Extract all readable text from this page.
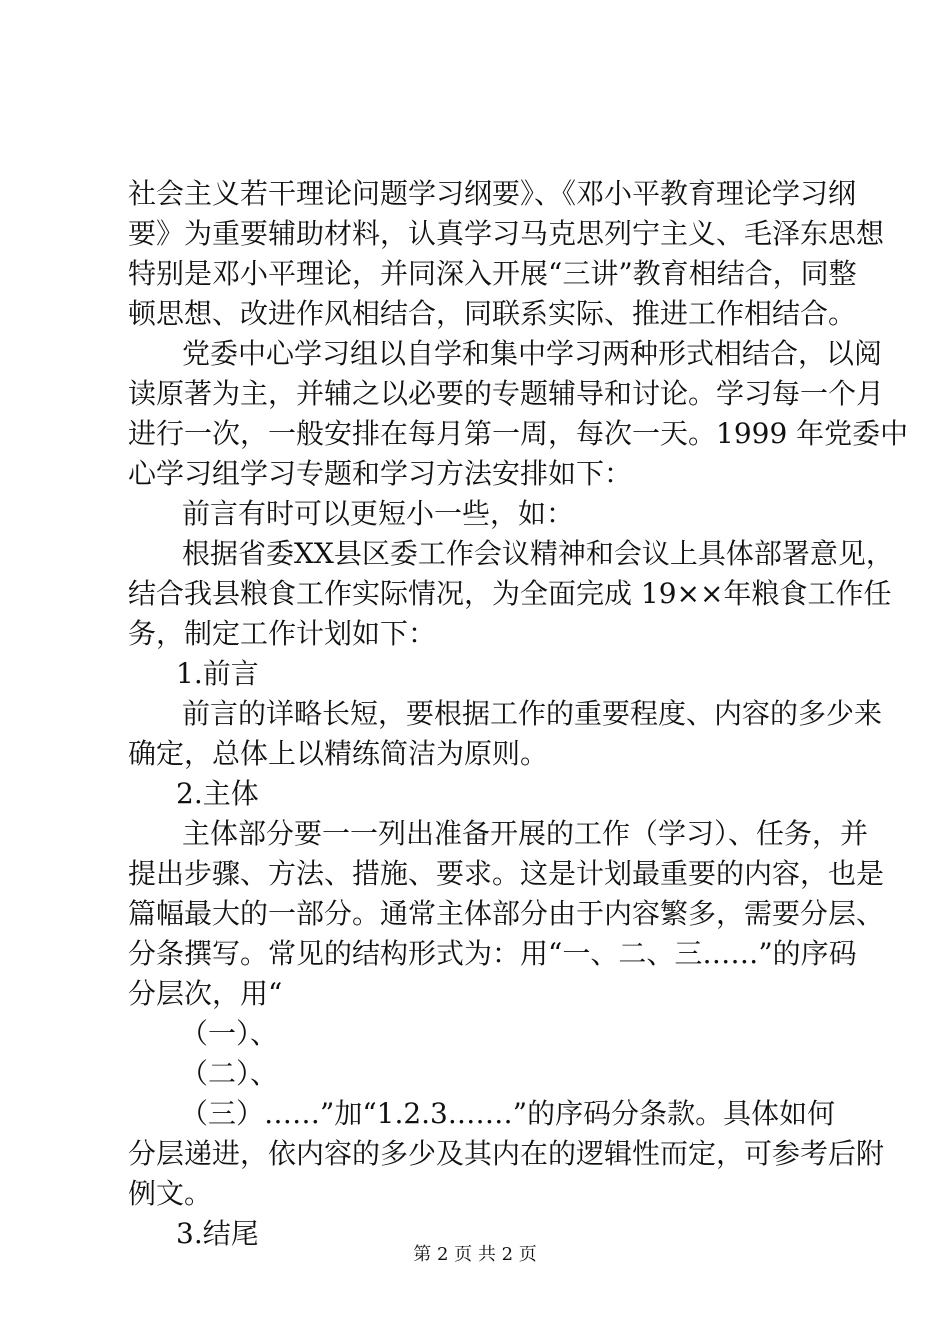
社会主义若干理论问题学习纲要》、《邓小平教育理论学习纲
要》为重要辅助材料，认真学习马克思列宁主义、毛泽东思想
特别是邓小平理论，并同深入开展“三讲”教育相结合，同整
顿思想、改进作风相结合，同联系实际、推进工作相结合。
党委中心学习组以自学和集中学习两种形式相结合，以阅
读原著为主，并辅之以必要的专题辅导和讨论。学习每一个月
进行一次，一般安排在每月第一周，每次一天。1999 年党委中
心学习组学习专题和学习方法安排如下：
前言有时可以更短小一些，如：
根据省委XX县区委工作会议精神和会议上具体部署意见，
结合我县粮食工作实际情况，为全面完成 19××年粮食工作任
务，制定工作计划如下：
1.前言
前言的详略长短，要根据工作的重要程度、内容的多少来
确定，总体上以精练简洁为原则。
2.主体
主体部分要一一列出准备开展的工作（学习）、任务，并
提出步骤、方法、措施、要求。这是计划最重要的内容，也是
篇幅最大的一部分。通常主体部分由于内容繁多，需要分层、
分条撰写。常见的结构形式为：用“一、二、三……”的序码
分层次，用“
（一）、
（二）、
（三）……”加“1.2.3.……”的序码分条款。具体如何
分层递进，依内容的多少及其内在的逻辑性而定，可参考后附
例文。
3.结尾
第 2 页 共 2 页
